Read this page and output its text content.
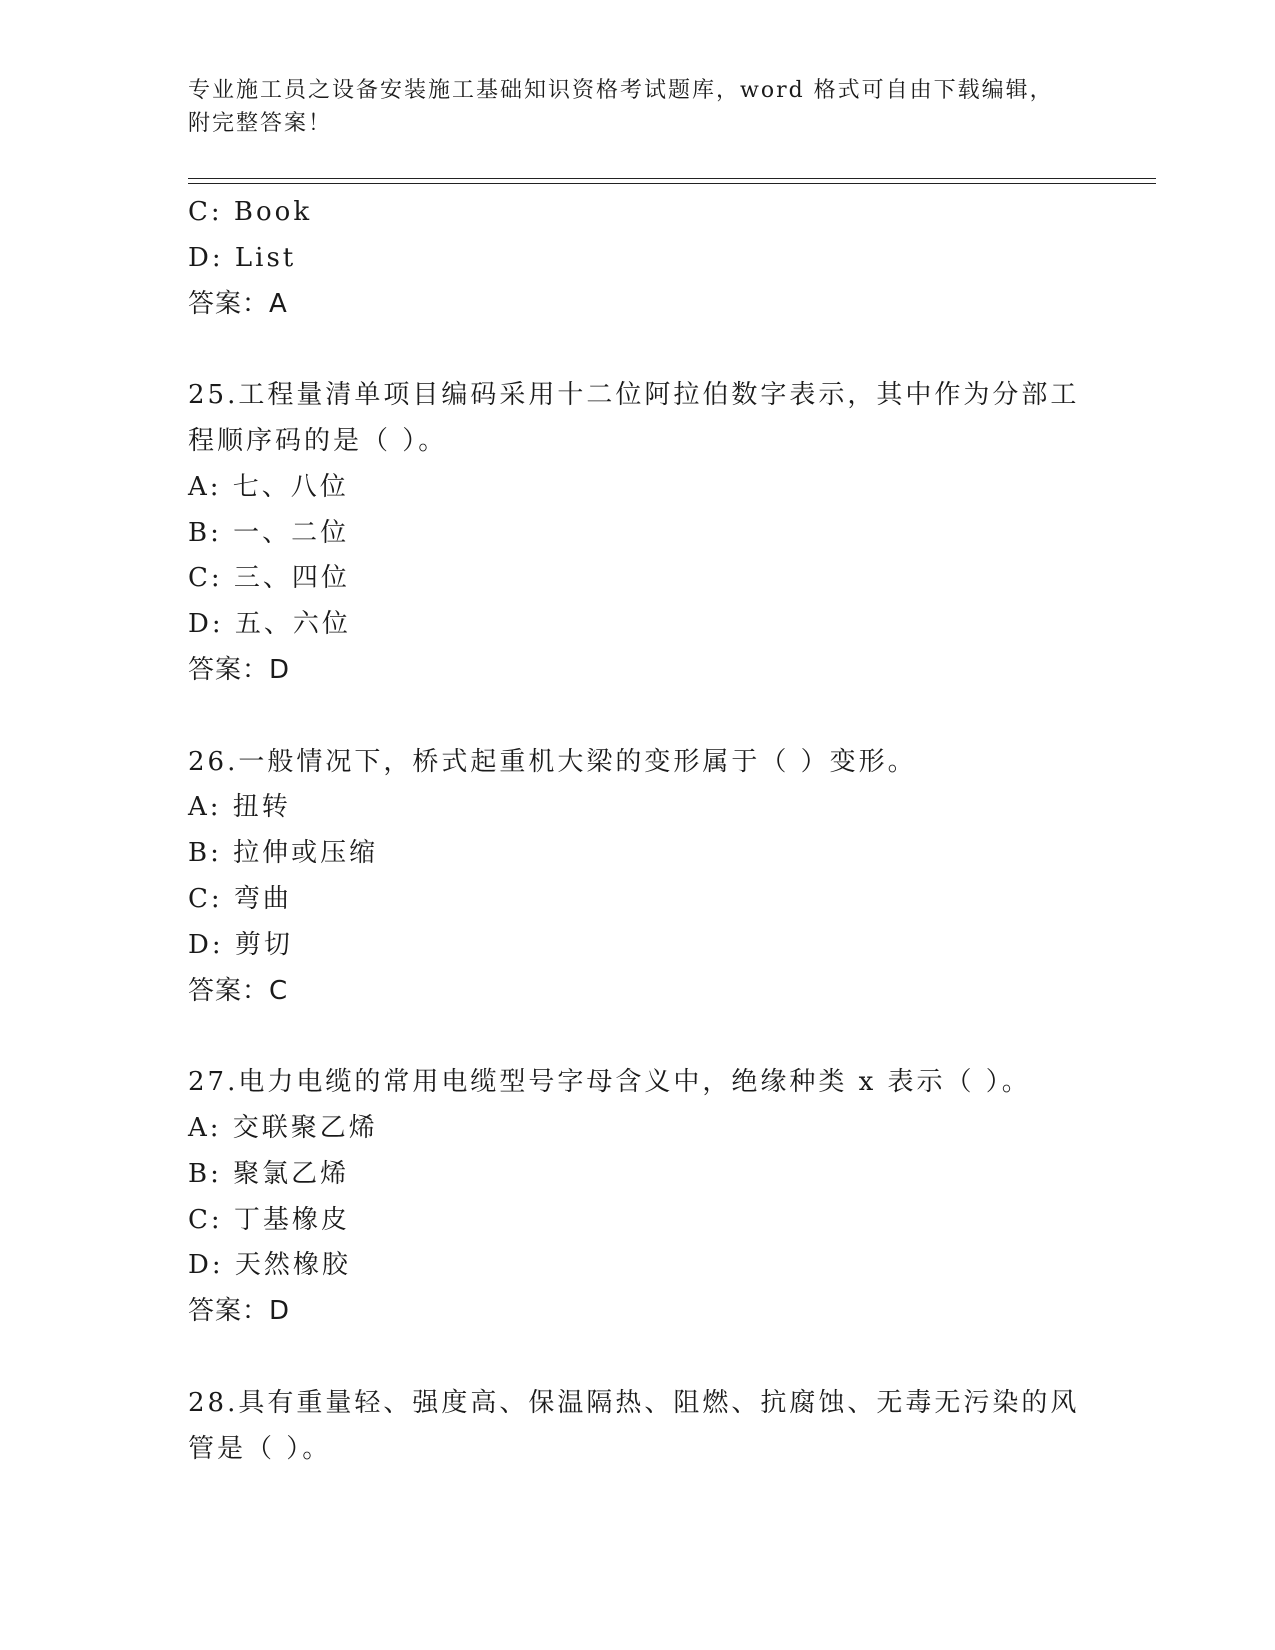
专业施工员之设备安装施工基础知识资格考试题库，word 格式可自由下载编辑，
附完整答案！
C: Book
D: List
答案：A
25.工程量清单项目编码采用十二位阿拉伯数字表示，其中作为分部工
程顺序码的是（ ）。
A: 七、八位
B: 一、二位
C: 三、四位
D: 五、六位
答案：D
26.一般情况下，桥式起重机大梁的变形属于（ ）变形。
A: 扭转
B: 拉伸或压缩
C: 弯曲
D: 剪切
答案：C
27.电力电缆的常用电缆型号字母含义中，绝缘种类 x 表示（ ）。
A: 交联聚乙烯
B: 聚氯乙烯
C: 丁基橡皮
D: 天然橡胶
答案：D
28.具有重量轻、强度高、保温隔热、阻燃、抗腐蚀、无毒无污染的风
管是（ ）。
